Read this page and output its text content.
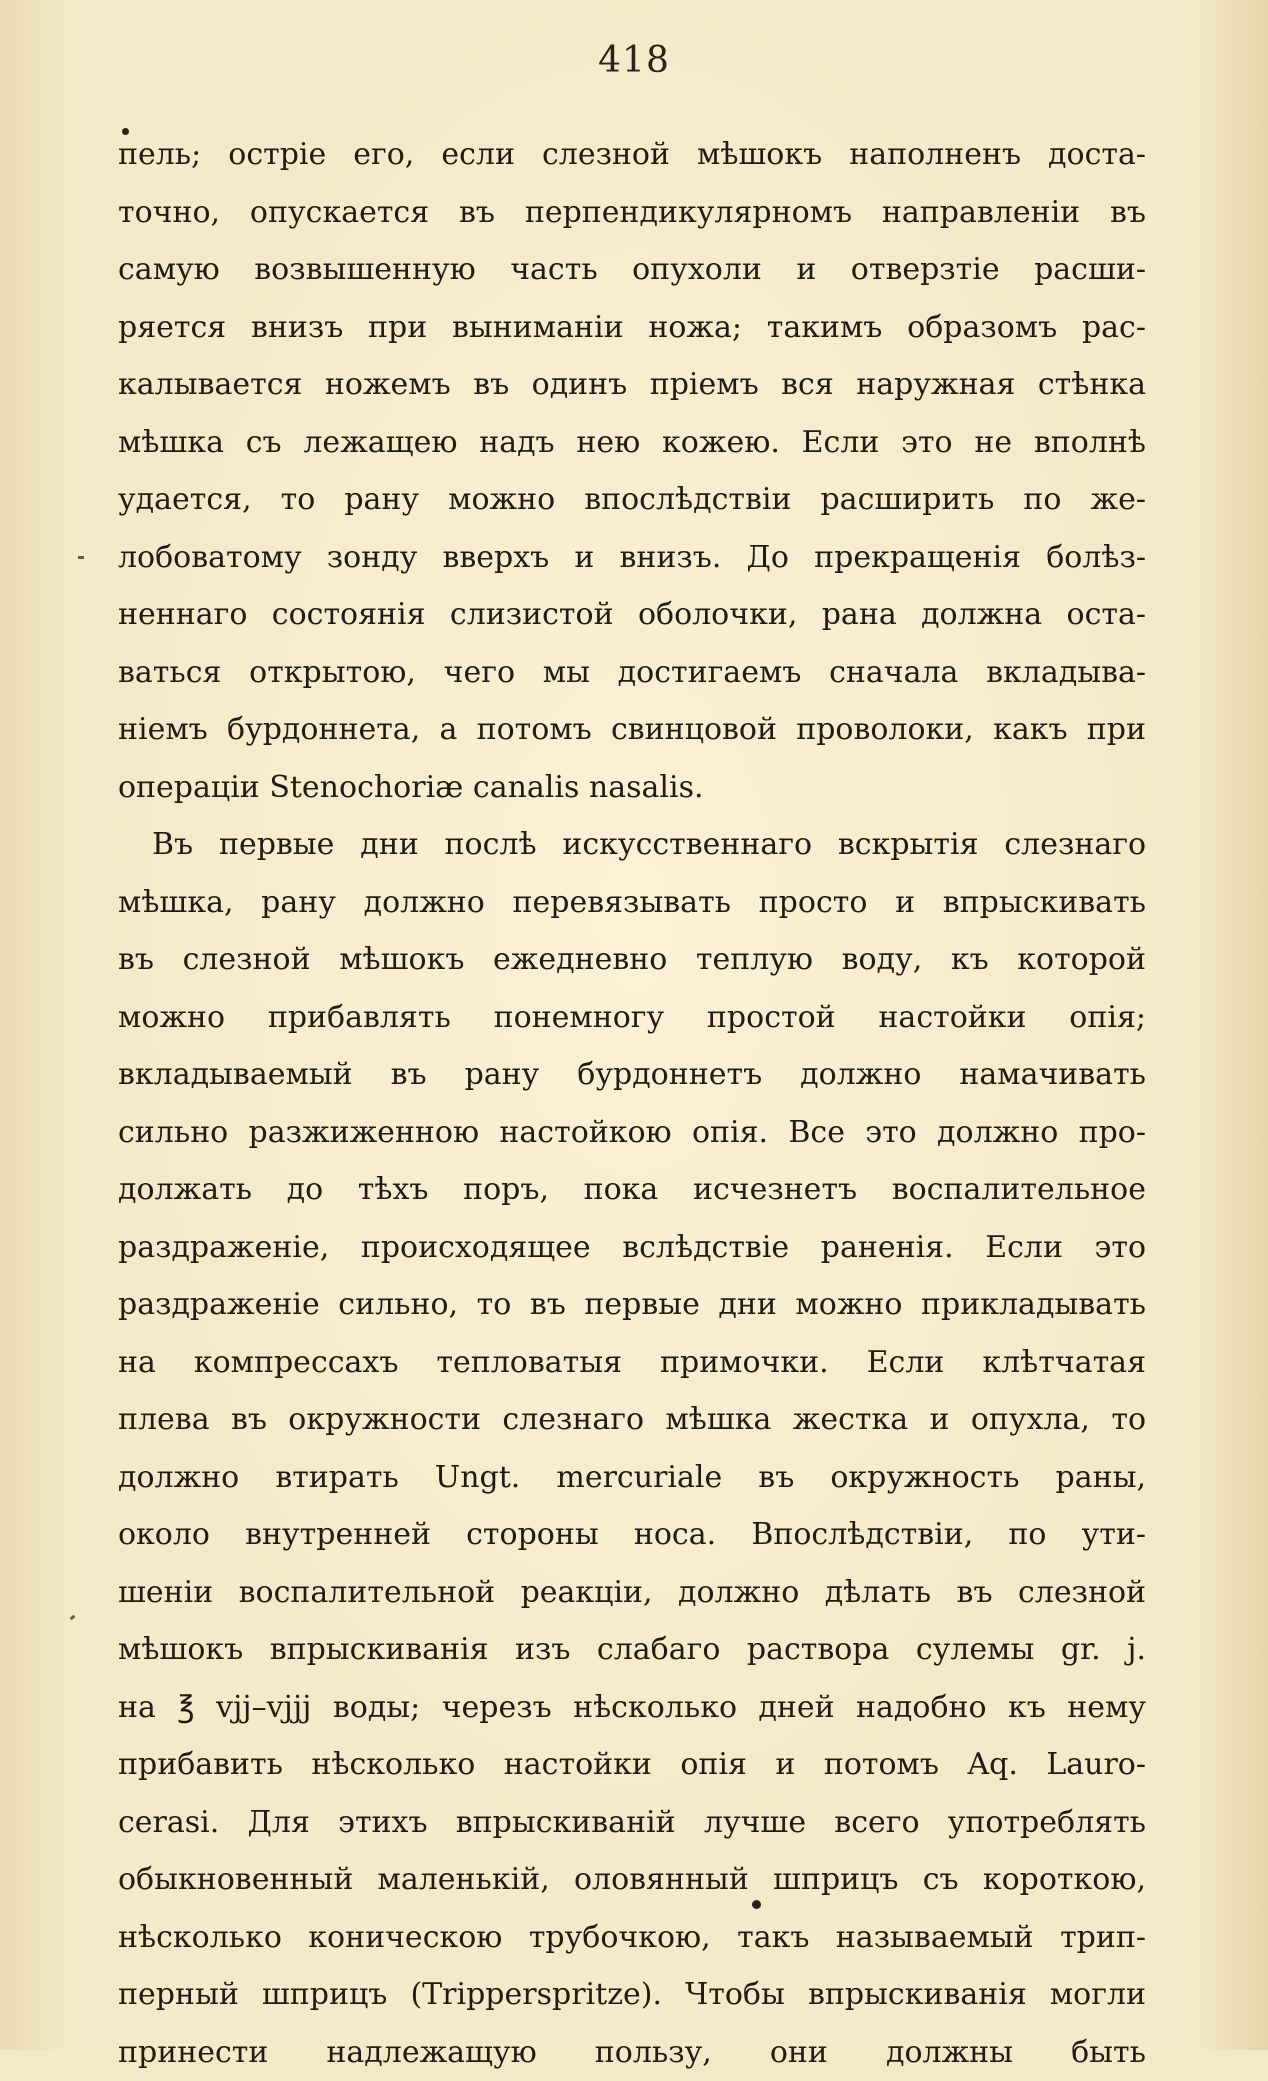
418
пель; остріе его, если слезной мѣшокъ наполненъ доста-
точно, опускается въ перпендикулярномъ направленіи въ
самую возвышенную часть опухоли и отверзтіе расши-
ряется внизъ при выниманіи ножа; такимъ образомъ рас-
калывается ножемъ въ одинъ пріемъ вся наружная стѣнка
мѣшка съ лежащею надъ нею кожею. Если это не вполнѣ
удается, то рану можно впослѣдствіи расширить по же-
лобоватому зонду вверхъ и внизъ. До прекращенія болѣз-
неннаго состоянія слизистой оболочки, рана должна оста-
ваться открытою, чего мы достигаемъ сначала вкладыва-
ніемъ бурдоннета, а потомъ свинцовой проволоки, какъ при
операціи Stenochoriæ canalis nasalis.
Въ первые дни послѣ искусственнаго вскрытія слезнаго
мѣшка, рану должно перевязывать просто и впрыскивать
въ слезной мѣшокъ ежедневно теплую воду, къ которой
можно прибавлять понемногу простой настойки опія;
вкладываемый въ рану бурдоннетъ должно намачивать
сильно разжиженною настойкою опія. Все это должно про-
должать до тѣхъ поръ, пока исчезнетъ воспалительное
раздраженіе, происходящее вслѣдствіе раненія. Если это
раздраженіе сильно, то въ первые дни можно прикладывать
на компрессахъ тепловатыя примочки. Если клѣтчатая
плева въ окружности слезнаго мѣшка жестка и опухла, то
должно втирать Ungt. mercuriale въ окружность раны,
около внутренней стороны носа. Впослѣдствіи, по ути-
шеніи воспалительной реакціи, должно дѣлать въ слезной
мѣшокъ впрыскиванія изъ слабаго раствора сулемы gr. j.
на ℥ vjj–vjjj воды; черезъ нѣсколько дней надобно къ нему
прибавить нѣсколько настойки опія и потомъ Aq. Lauro-
cerasi. Для этихъ впрыскиваній лучше всего употреблять
обыкновенный маленькій, оловянный шприцъ съ короткою,
нѣсколько коническою трубочкою, такъ называемый трип-
перный шприцъ (Trippersprіtze). Чтобы впрыскиванія могли
принести надлежащую пользу, они должны быть
